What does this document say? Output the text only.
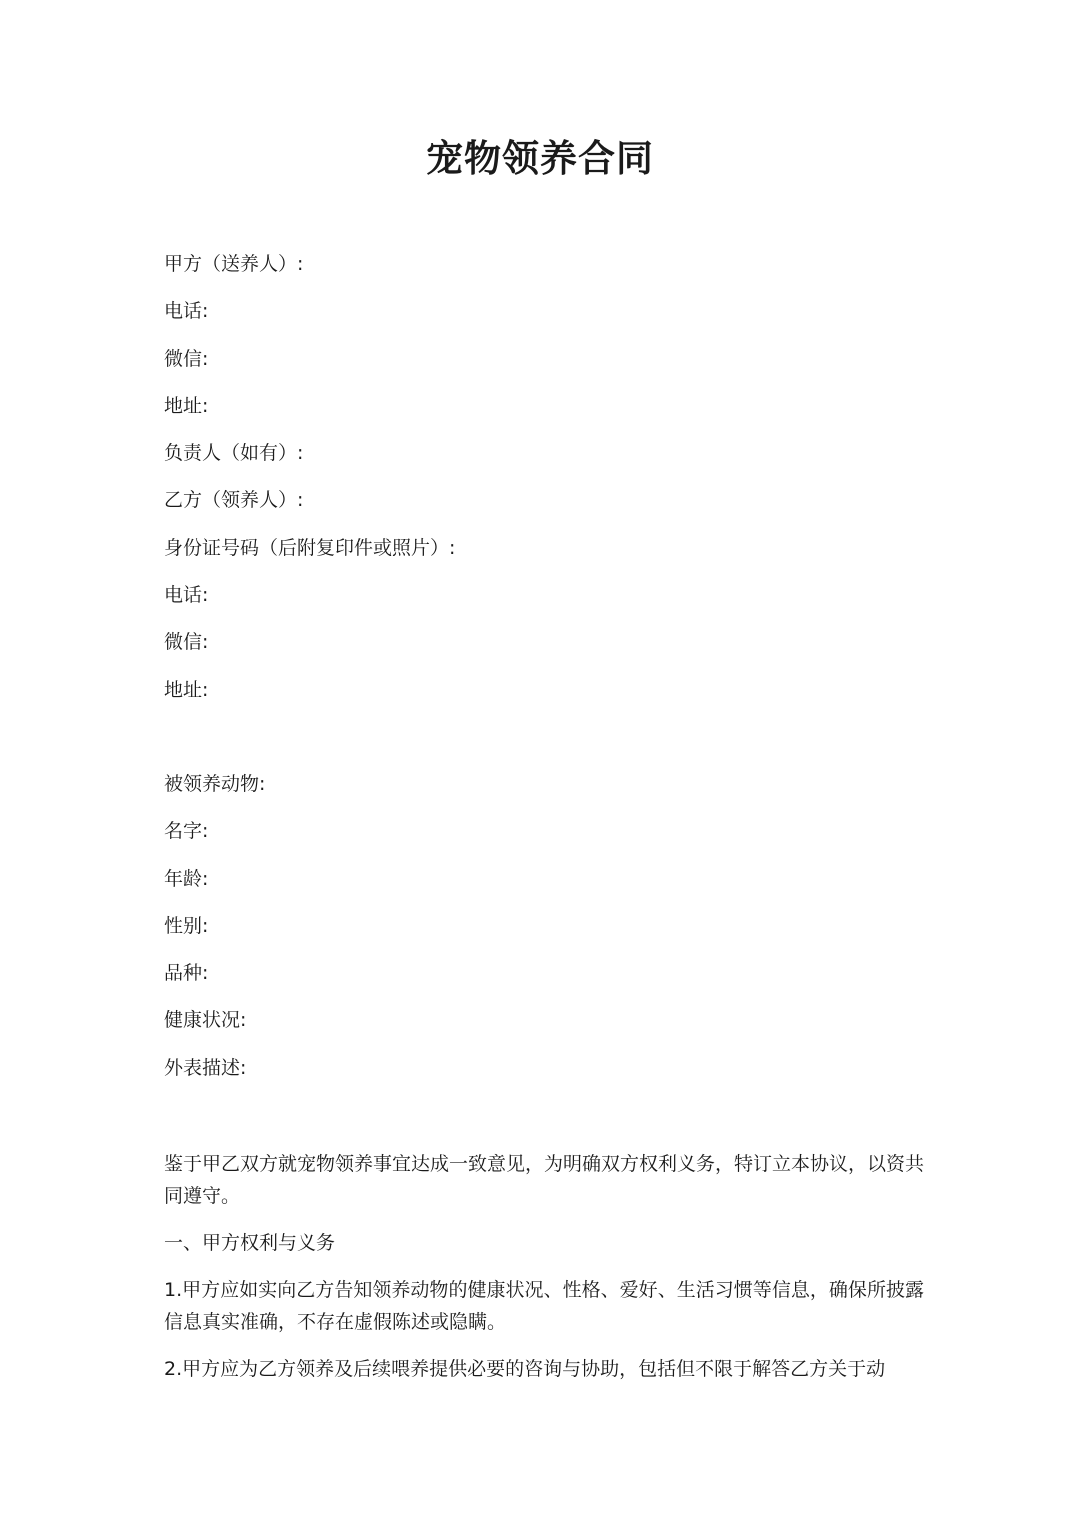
宠物领养合同
甲方（送养人）:
电话:
微信:
地址:
负责人（如有）:
乙方（领养人）:
身份证号码（后附复印件或照片）:
电话:
微信:
地址:
被领养动物:
名字:
年龄:
性别:
品种:
健康状况:
外表描述:

鉴于甲乙双方就宠物领养事宜达成一致意见，为明确双方权利义务，特订立本协议，以资共同遵守。

一、甲方权利与义务

1.甲方应如实向乙方告知领养动物的健康状况、性格、爱好、生活习惯等信息，确保所披露信息真实准确，不存在虚假陈述或隐瞒。

2.甲方应为乙方领养及后续喂养提供必要的咨询与协助，包括但不限于解答乙方关于动
